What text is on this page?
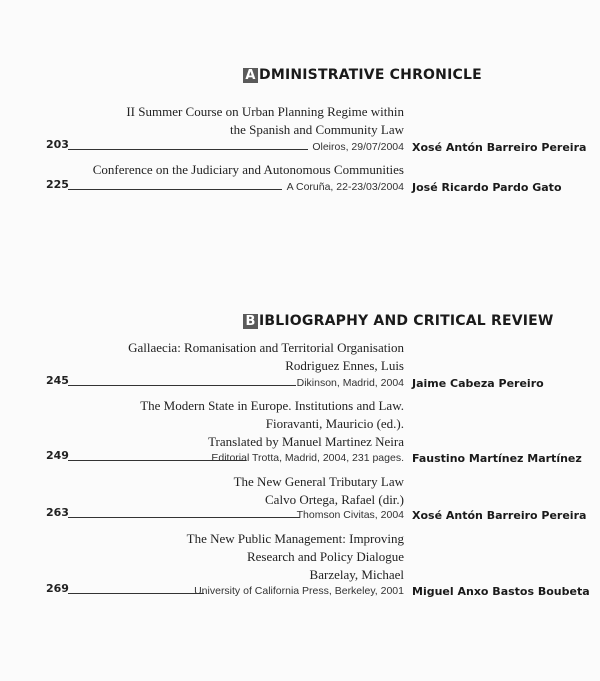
A DMINISTRATIVE CHRONICLE
II Summer Course on Urban Planning Regime within
the Spanish and Community Law
203	Oleiros, 29/07/2004 Xosé Antón Barreiro Pereira
Conference on the Judiciary and Autonomous Communities
225	A Coruña, 22-23/03/2004 José Ricardo Pardo Gato
B IBLIOGRAPHY AND CRITICAL REVIEW
Gallaecia: Romanisation and Territorial Organisation
Rodriguez Ennes, Luis
245	Dikinson, Madrid, 2004 Jaime Cabeza Pereiro
The Modern State in Europe. Institutions and Law.
Fioravanti, Mauricio (ed.).
Translated by Manuel Martinez Neira
249	Editorial Trotta, Madrid, 2004, 231 pages. Faustino Martínez Martínez
The New General Tributary Law
Calvo Ortega, Rafael (dir.)
263	Thomson Civitas, 2004 Xosé Antón Barreiro Pereira
The New Public Management: Improving
Research and Policy Dialogue
Barzelay, Michael
269	University of California Press, Berkeley, 2001 Miguel Anxo Bastos Boubeta
